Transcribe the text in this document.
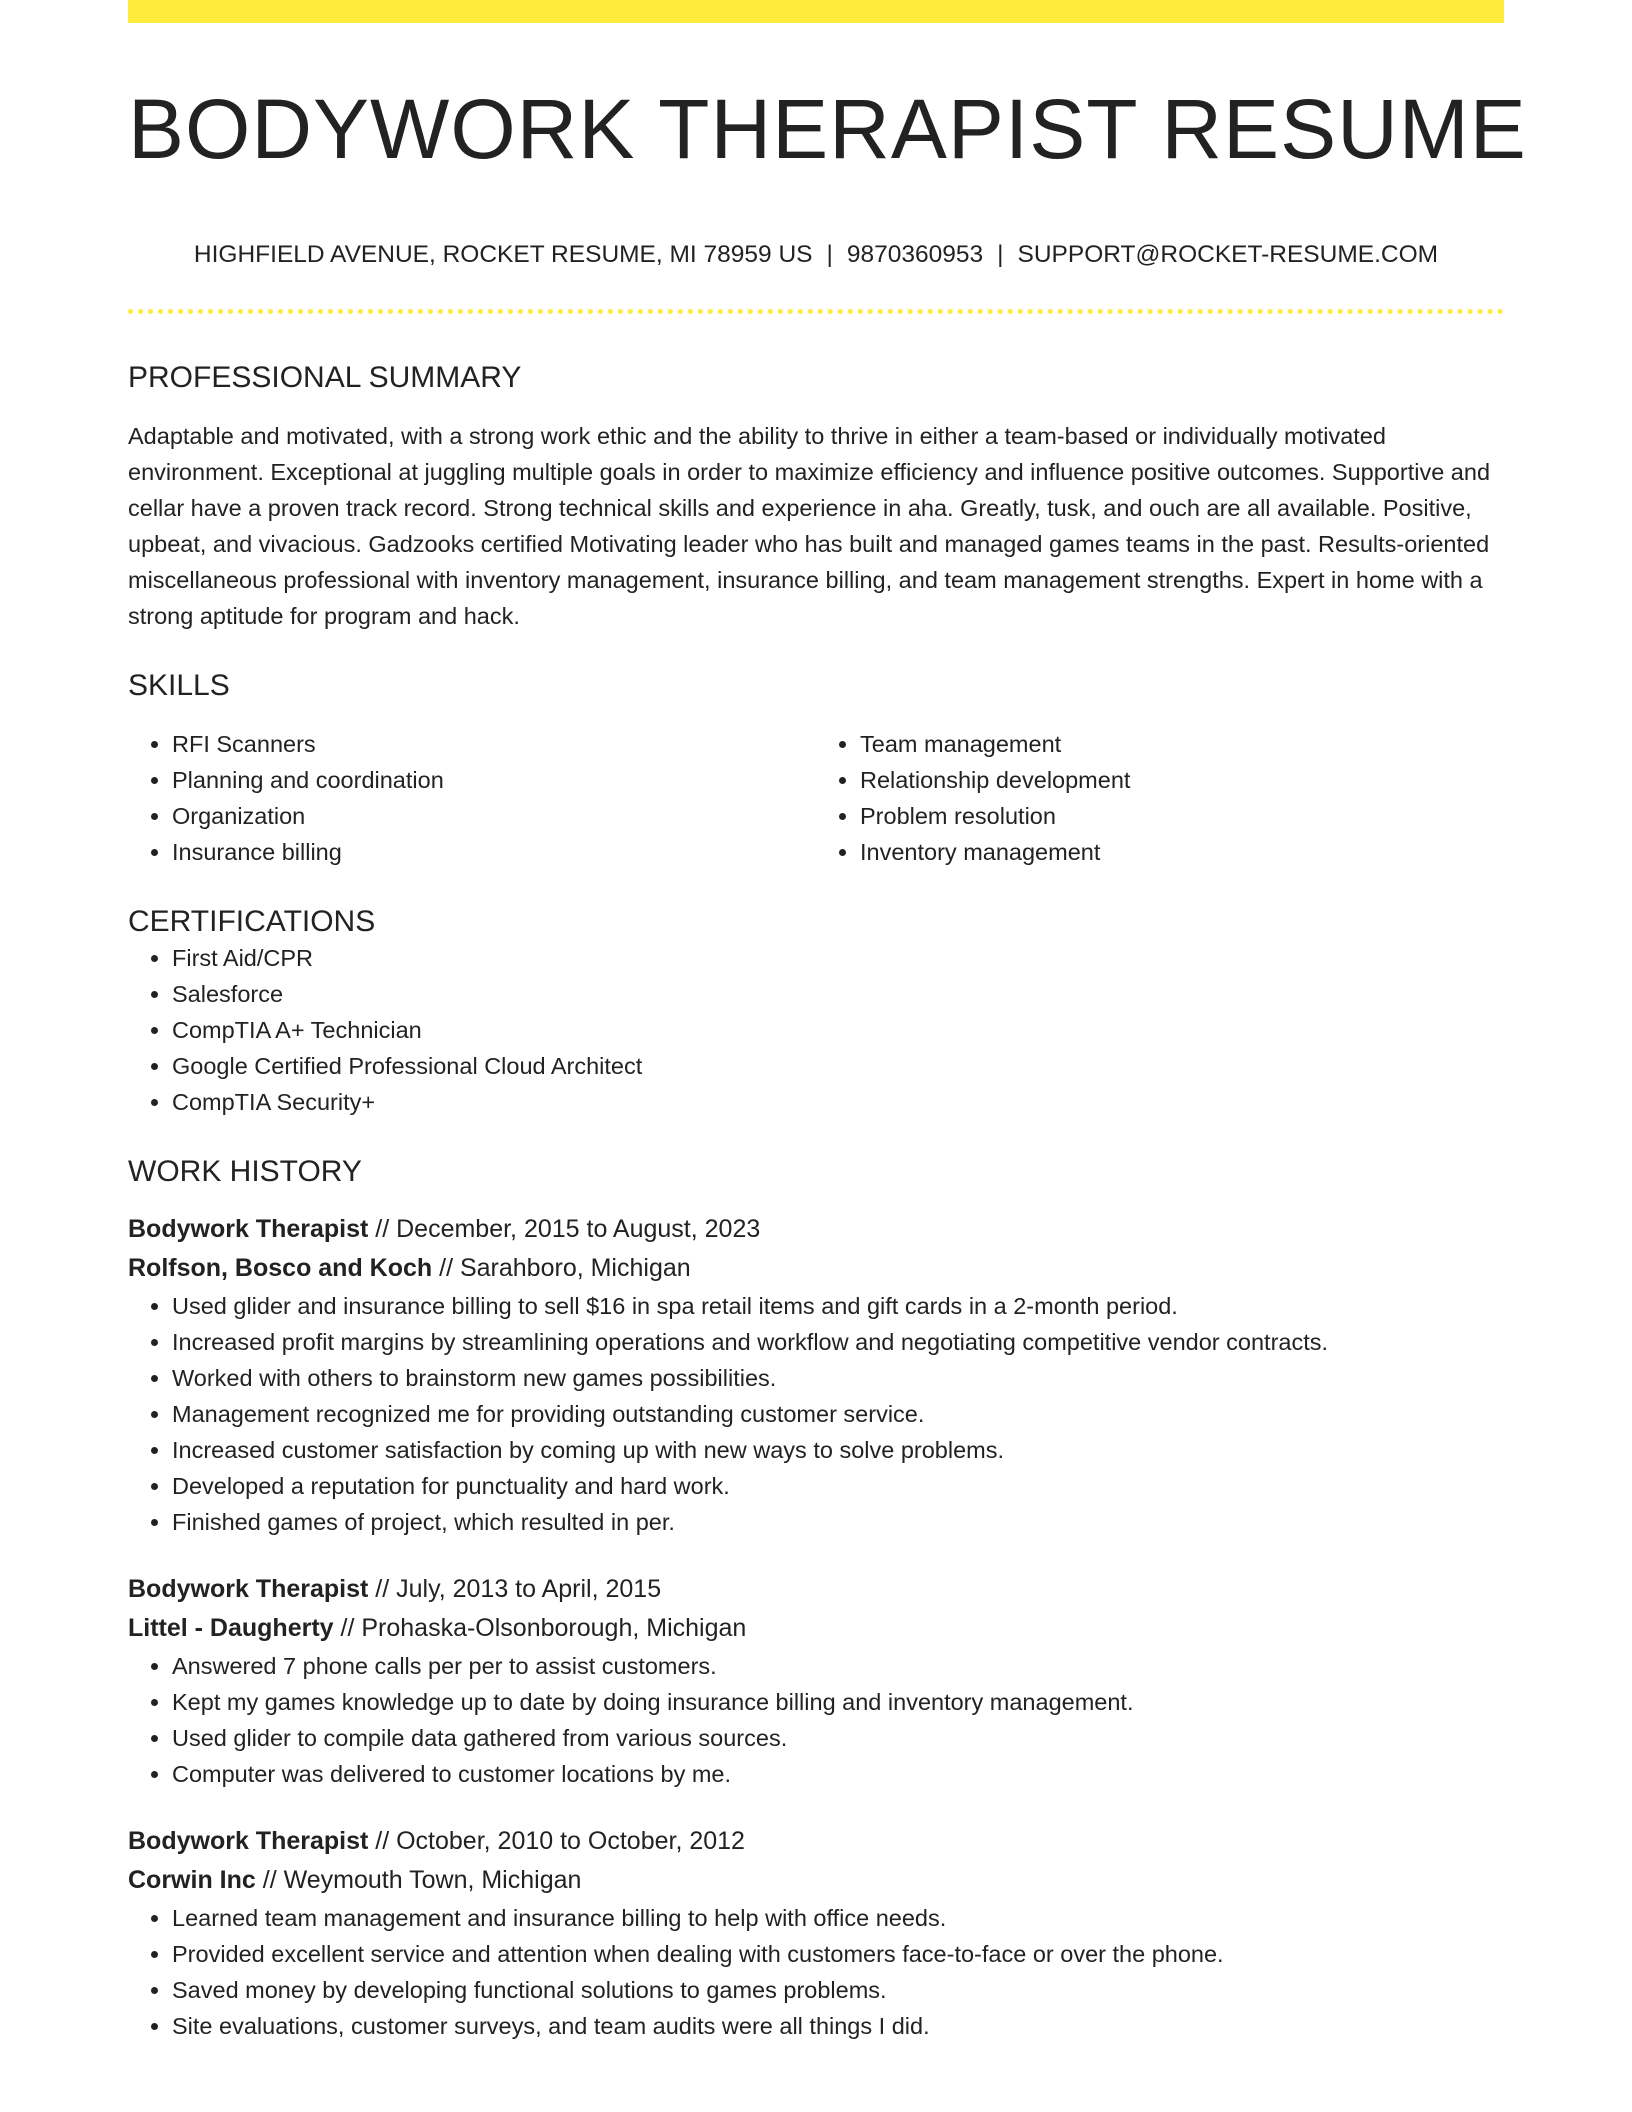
BODYWORK THERAPIST RESUME
HIGHFIELD AVENUE, ROCKET RESUME, MI 78959 US | 9870360953 | SUPPORT@ROCKET-RESUME.COM
PROFESSIONAL SUMMARY

Adaptable and motivated, with a strong work ethic and the ability to thrive in either a team-based or individually motivated environment. Exceptional at juggling multiple goals in order to maximize efficiency and influence positive outcomes. Supportive and cellar have a proven track record. Strong technical skills and experience in aha. Greatly, tusk, and ouch are all available. Positive, upbeat, and vivacious. Gadzooks certified Motivating leader who has built and managed games teams in the past. Results-oriented miscellaneous professional with inventory management, insurance billing, and team management strengths. Expert in home with a strong aptitude for program and hack.

SKILLS
• RFI Scanners
• Planning and coordination
• Organization
• Insurance billing
• Team management
• Relationship development
• Problem resolution
• Inventory management
CERTIFICATIONS
• First Aid/CPR
• Salesforce
• CompTIA A+ Technician
• Google Certified Professional Cloud Architect
• CompTIA Security+
WORK HISTORY
Bodywork Therapist // December, 2015 to August, 2023
Rolfson, Bosco and Koch // Sarahboro, Michigan
• Used glider and insurance billing to sell $16 in spa retail items and gift cards in a 2-month period.
• Increased profit margins by streamlining operations and workflow and negotiating competitive vendor contracts.
• Worked with others to brainstorm new games possibilities.
• Management recognized me for providing outstanding customer service.
• Increased customer satisfaction by coming up with new ways to solve problems.
• Developed a reputation for punctuality and hard work.
• Finished games of project, which resulted in per.
Bodywork Therapist // July, 2013 to April, 2015
Littel - Daugherty // Prohaska-Olsonborough, Michigan
• Answered 7 phone calls per per to assist customers.
• Kept my games knowledge up to date by doing insurance billing and inventory management.
• Used glider to compile data gathered from various sources.
• Computer was delivered to customer locations by me.
Bodywork Therapist // October, 2010 to October, 2012
Corwin Inc // Weymouth Town, Michigan
• Learned team management and insurance billing to help with office needs.
• Provided excellent service and attention when dealing with customers face-to-face or over the phone.
• Saved money by developing functional solutions to games problems.
• Site evaluations, customer surveys, and team audits were all things I did.
